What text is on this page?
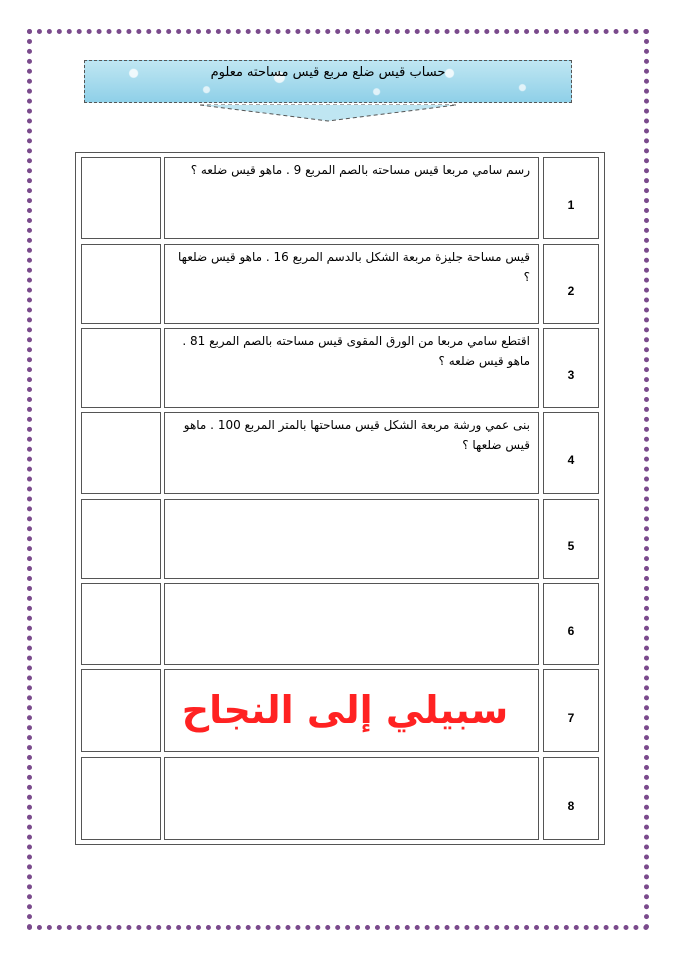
حساب قيس ضلع مربع قيس مساحته معلوم
1
رسم سامي مربعا قيس مساحته بالصم المربع 9 . ماهو قيس ضلعه ؟
2
قيس مساحة جليزة مربعة الشكل بالدسم المربع 16 . ماهو قيس ضلعها ؟
3
اقتطع سامي مربعا من الورق المقوى قيس مساحته بالصم المربع 81 . ماهو قيس ضلعه ؟
4
بنى عمي ورشة مربعة الشكل قيس مساحتها بالمتر المربع 100 . ماهو قيس ضلعها ؟
5
6
7
8
سبيلي إلى النجاح
